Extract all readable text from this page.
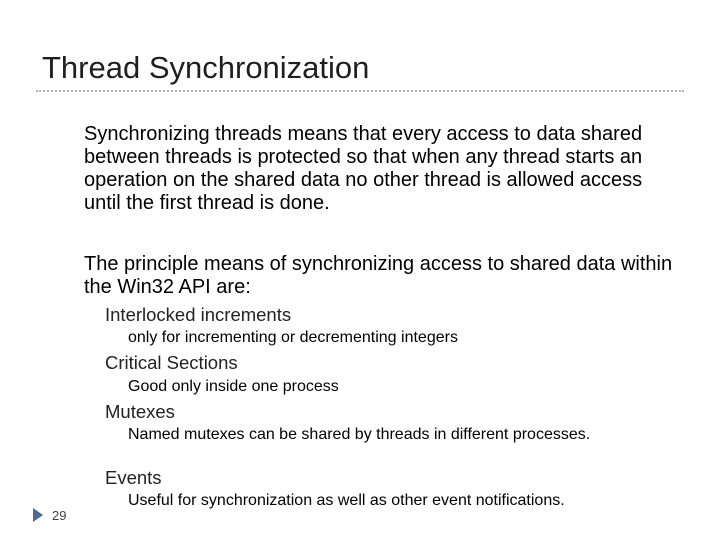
Thread Synchronization
Synchronizing threads means that every access to data shared between threads is protected so that when any thread starts an operation on the shared data no other thread is allowed access until the first thread is done.
The principle means of synchronizing access to shared data within the Win32 API are:
Interlocked increments
only for incrementing or decrementing integers
Critical Sections
Good only inside one process
Mutexes
Named mutexes can be shared by threads in different processes.
Events
Useful for synchronization as well as other event notifications.
29
